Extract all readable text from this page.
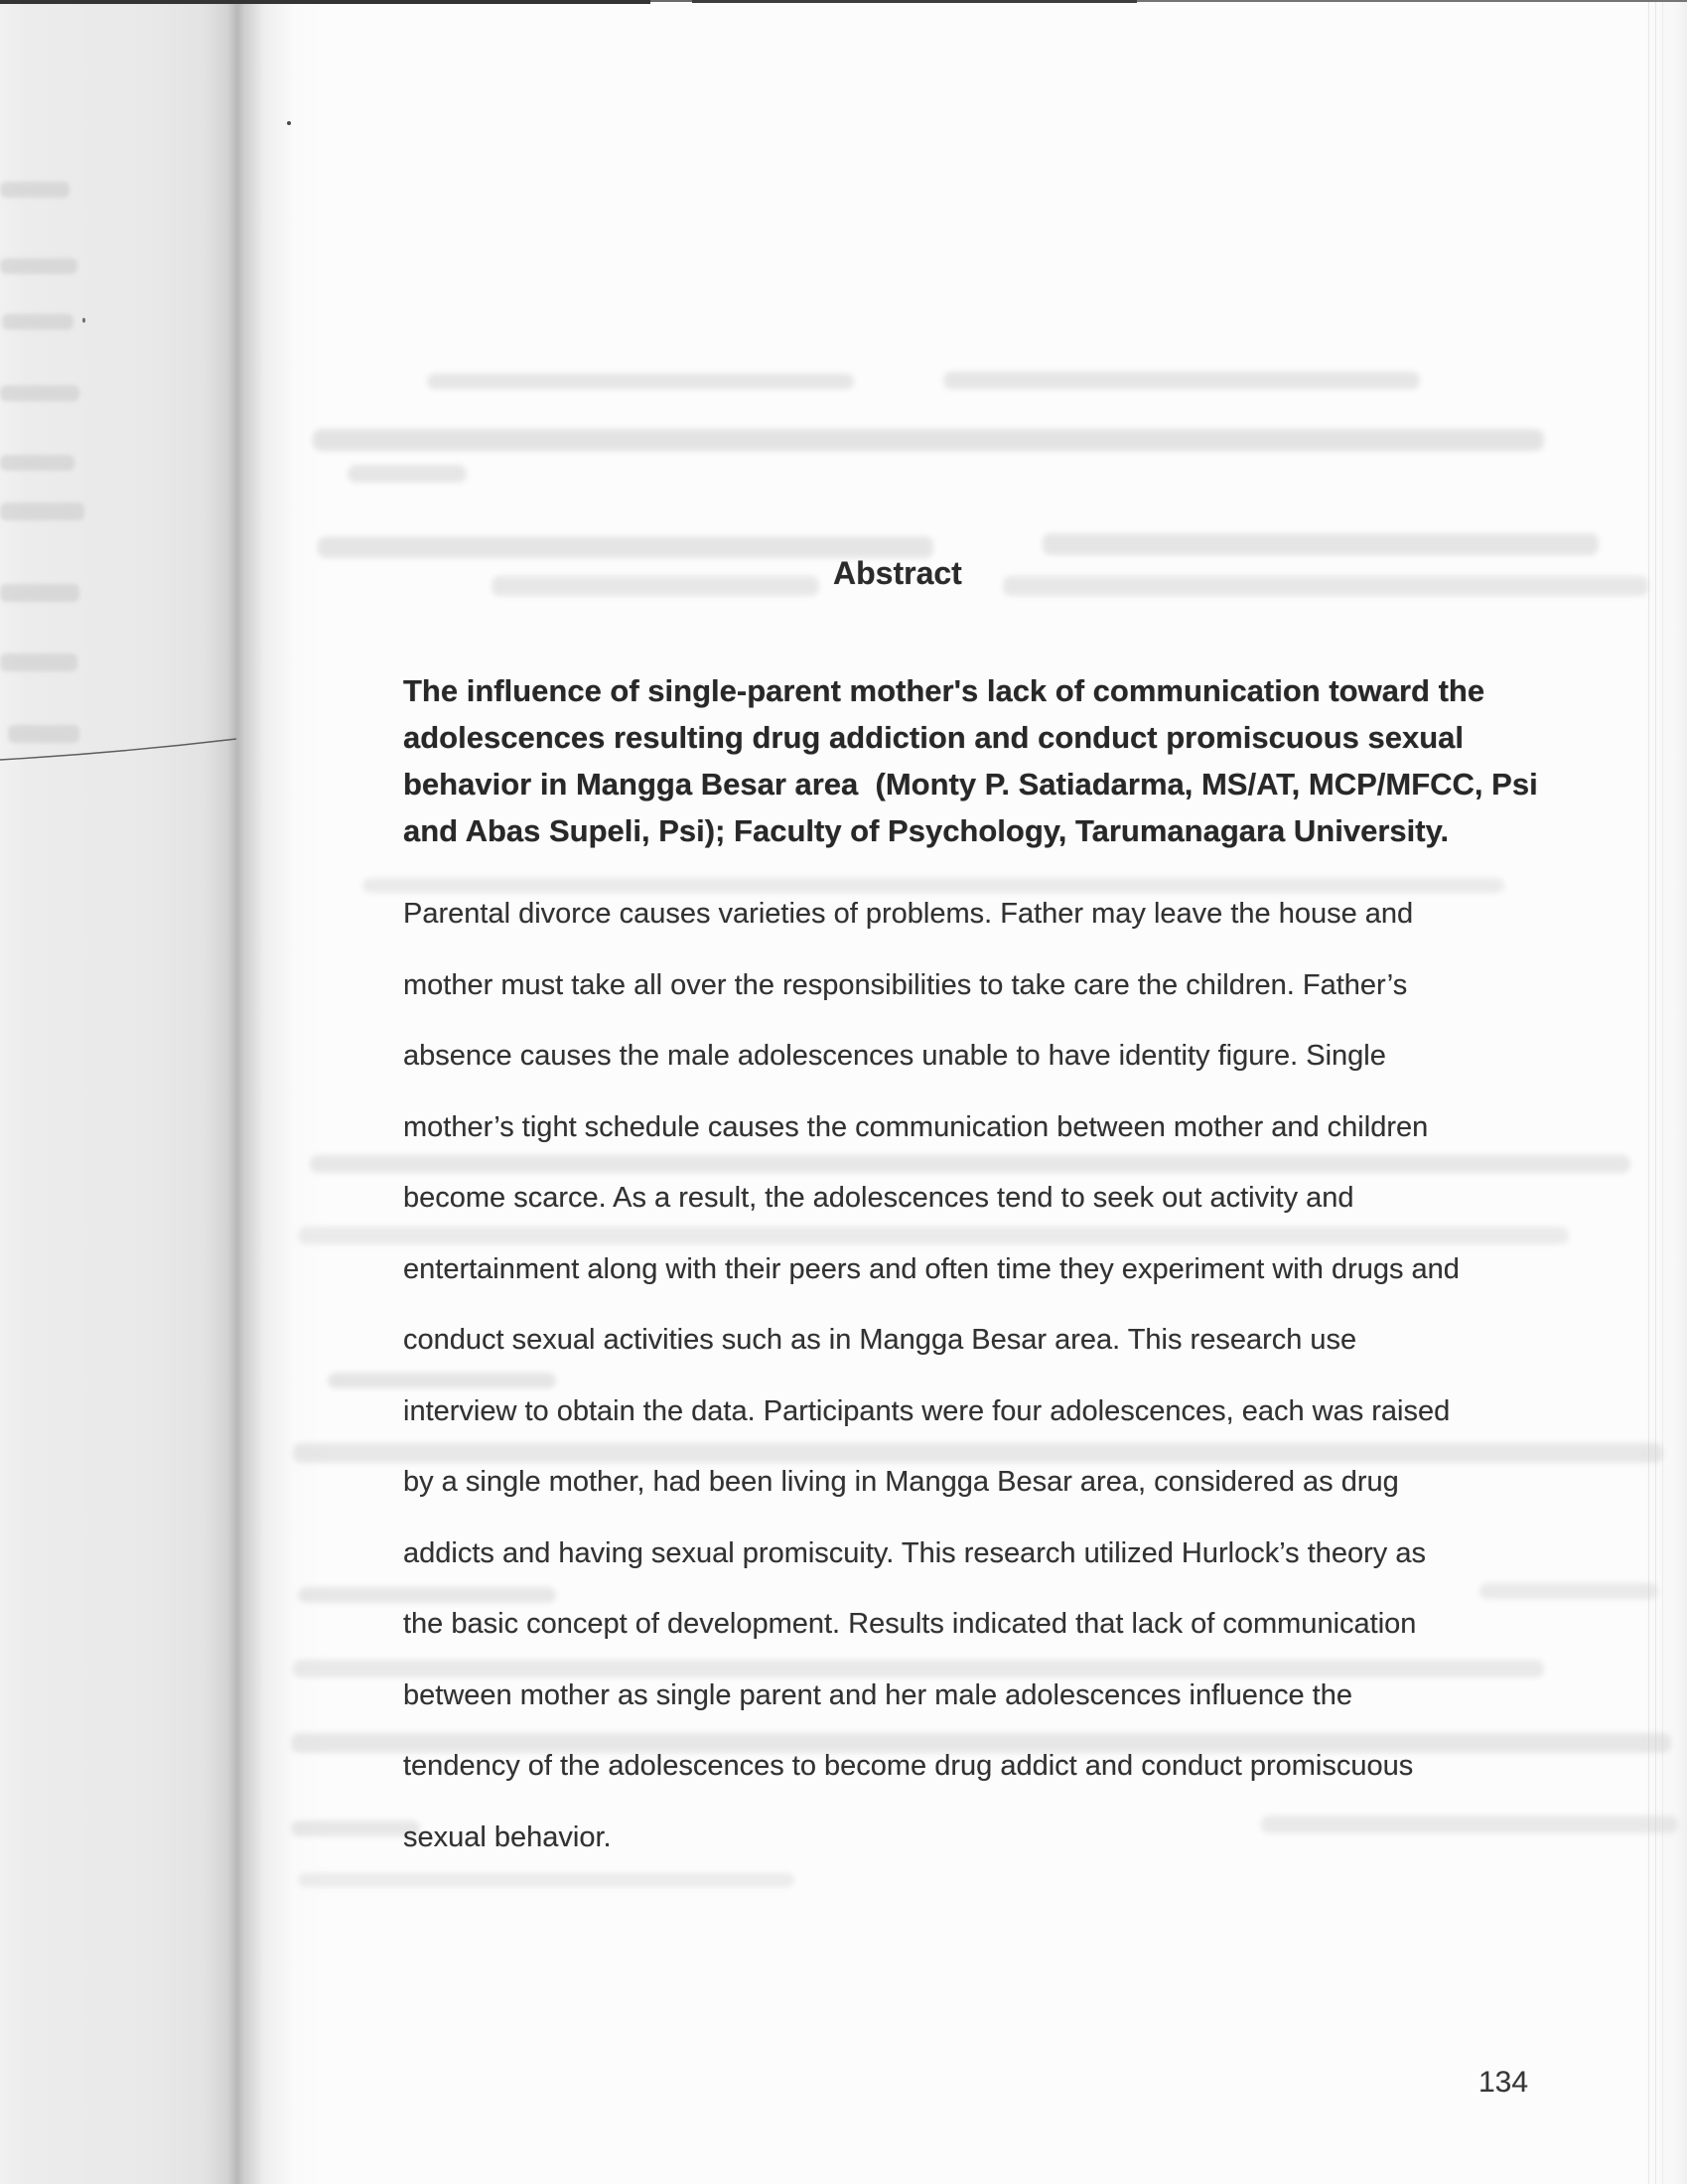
Abstract
The influence of single-parent mother's lack of communication toward the
adolescences resulting drug addiction and conduct promiscuous sexual
behavior in Mangga Besar area  (Monty P. Satiadarma, MS/AT, MCP/MFCC, Psi
and Abas Supeli, Psi); Faculty of Psychology, Tarumanagara University.
Parental divorce causes varieties of problems. Father may leave the house and
mother must take all over the responsibilities to take care the children. Father’s
absence causes the male adolescences unable to have identity figure. Single
mother’s tight schedule causes the communication between mother and children
become scarce. As a result, the adolescences tend to seek out activity and
entertainment along with their peers and often time they experiment with drugs and
conduct sexual activities such as in Mangga Besar area. This research use
interview to obtain the data. Participants were four adolescences, each was raised
by a single mother, had been living in Mangga Besar area, considered as drug
addicts and having sexual promiscuity. This research utilized Hurlock’s theory as
the basic concept of development. Results indicated that lack of communication
between mother as single parent and her male adolescences influence the
tendency of the adolescences to become drug addict and conduct promiscuous
sexual behavior.
134
